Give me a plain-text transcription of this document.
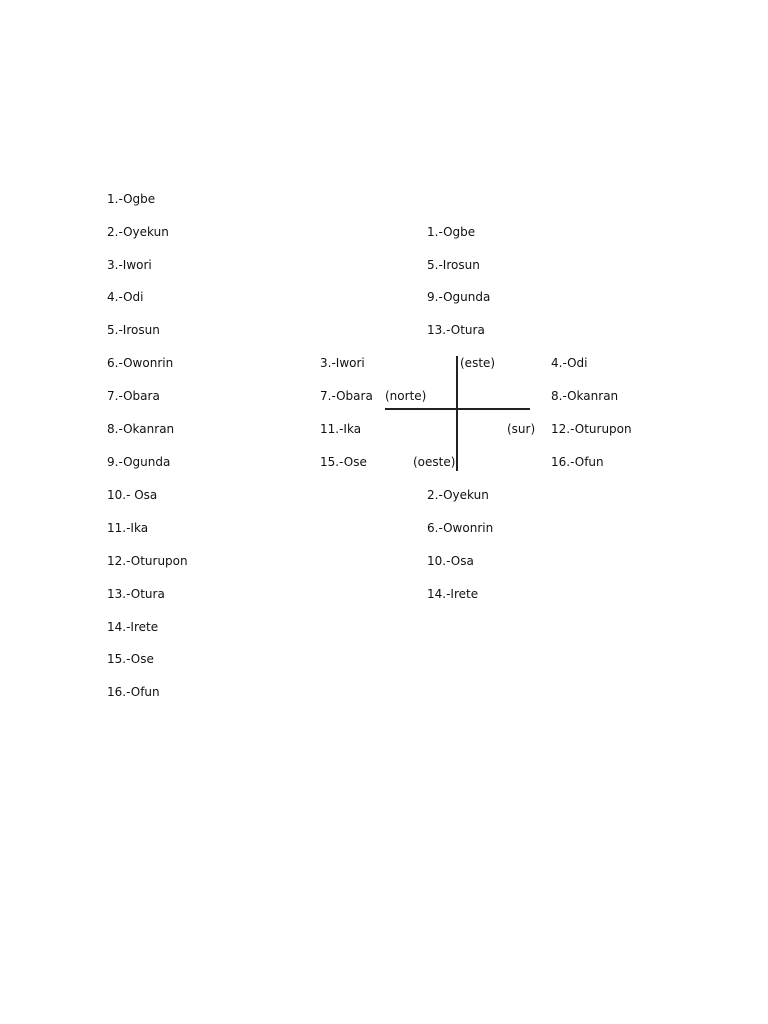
1.-Ogbe
2.-Oyekun
3.-Iwori
4.-Odi
5.-Irosun
6.-Owonrin
7.-Obara
8.-Okanran
9.-Ogunda
10.- Osa
11.-Ika
12.-Oturupon
13.-Otura
14.-Irete
15.-Ose
16.-Ofun
1.-Ogbe
5.-Irosun
9.-Ogunda
13.-Otura
3.-Iwori
7.-Obara
11.-Ika
15.-Ose
4.-Odi
8.-Okanran
12.-Oturupon
16.-Ofun
2.-Oyekun
6.-Owonrin
10.-Osa
14.-Irete
(este)
(norte)
(sur)
(oeste)
